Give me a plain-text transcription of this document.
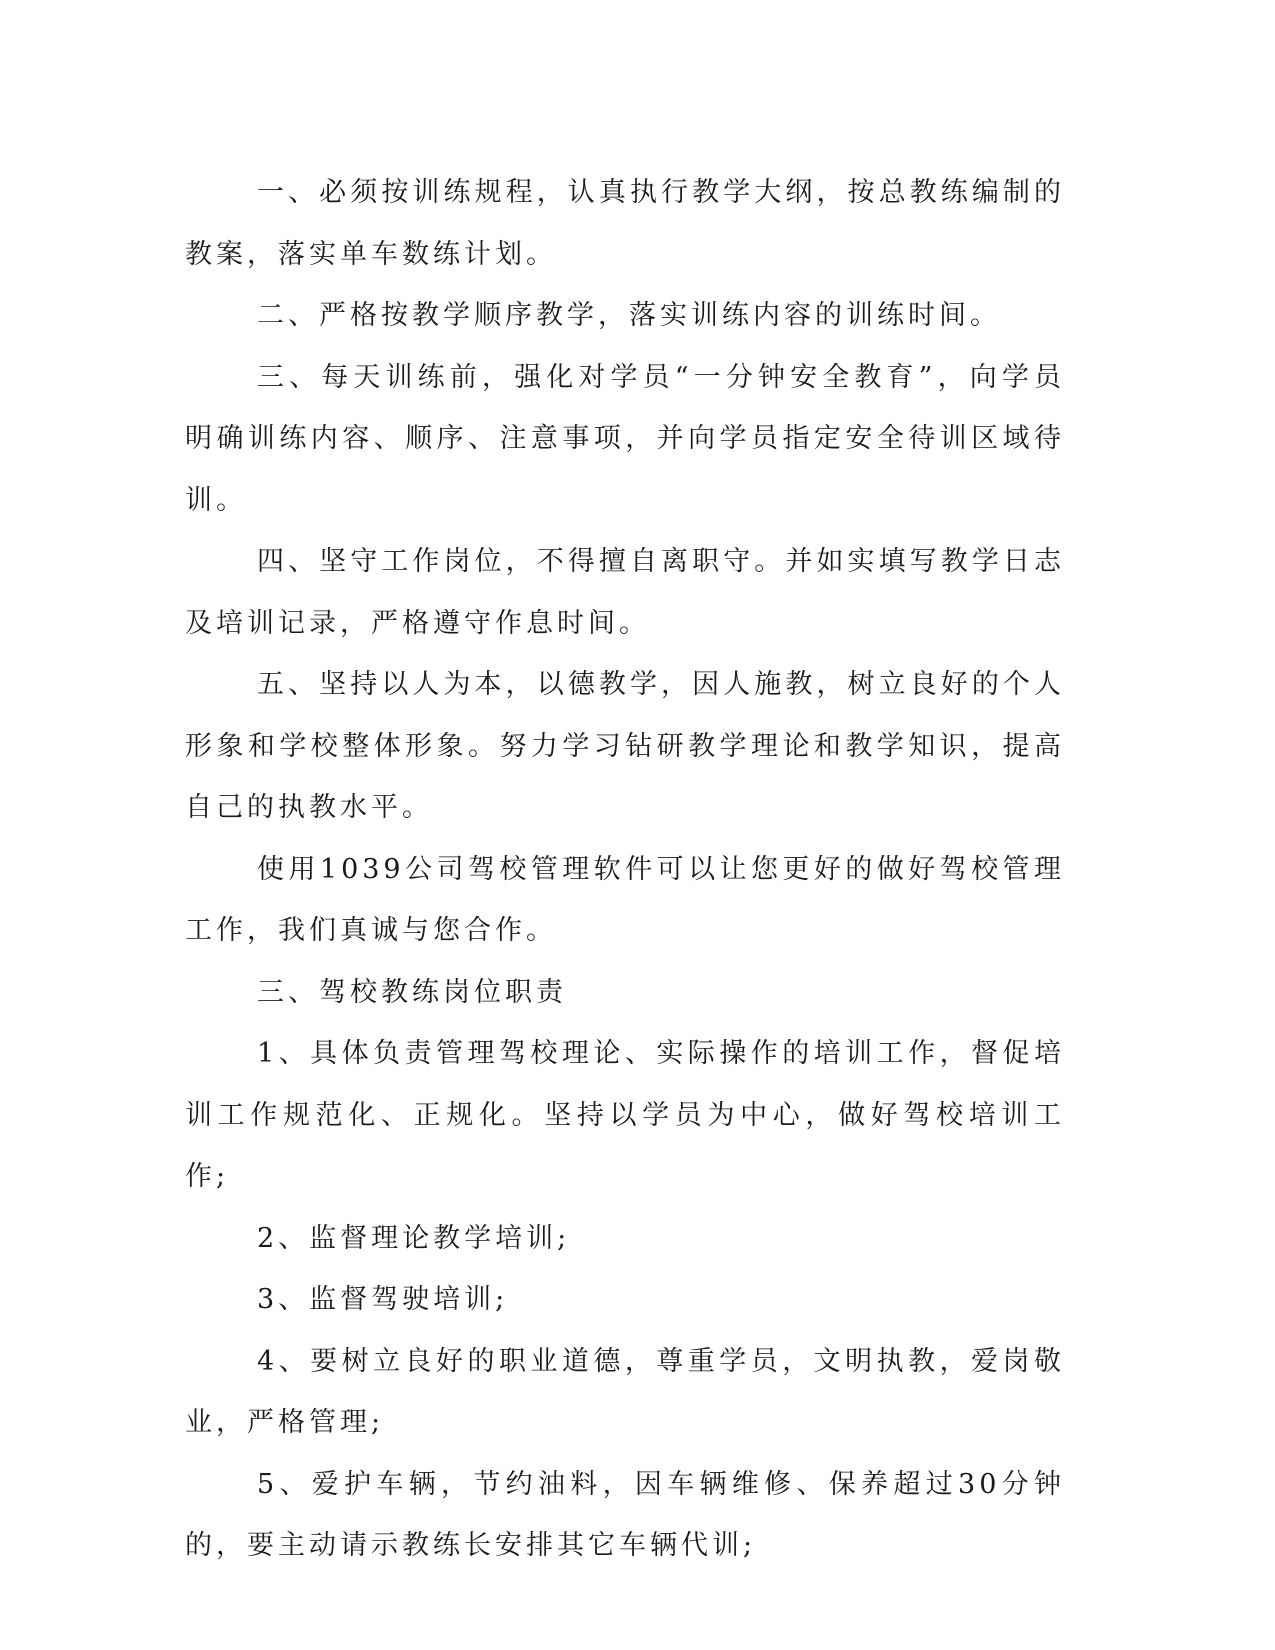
一、必须按训练规程，认真执行教学大纲，按总教练编制的教案，落实单车数练计划。

二、严格按教学顺序教学，落实训练内容的训练时间。

三、每天训练前，强化对学员“一分钟安全教育”，向学员明确训练内容、顺序、注意事项，并向学员指定安全待训区域待训。

四、坚守工作岗位，不得擅自离职守。并如实填写教学日志及培训记录，严格遵守作息时间。

五、坚持以人为本，以德教学，因人施教，树立良好的个人形象和学校整体形象。努力学习钻研教学理论和教学知识，提高自己的执教水平。

使用1039公司驾校管理软件可以让您更好的做好驾校管理工作，我们真诚与您合作。

三、驾校教练岗位职责

1、具体负责管理驾校理论、实际操作的培训工作，督促培训工作规范化、正规化。坚持以学员为中心，做好驾校培训工作;

2、监督理论教学培训;

3、监督驾驶培训;

4、要树立良好的职业道德，尊重学员，文明执教，爱岗敬业，严格管理;

5、爱护车辆，节约油料，因车辆维修、保养超过30分钟的，要主动请示教练长安排其它车辆代训;
